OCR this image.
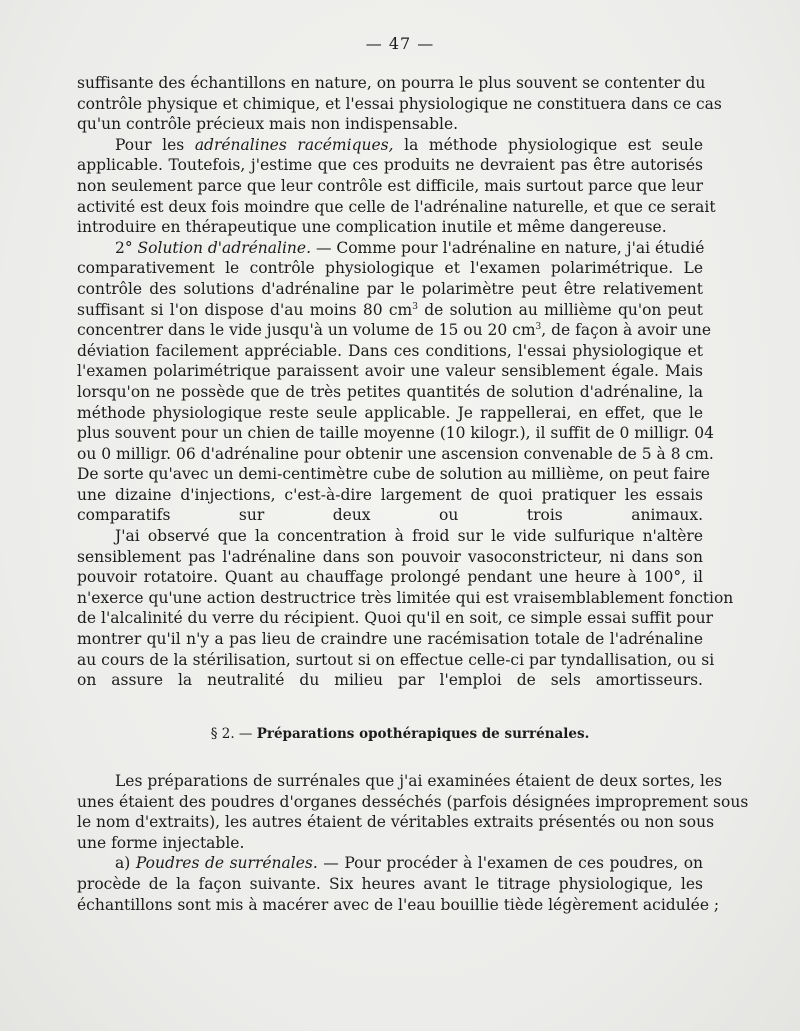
— 47 —

suffisante des échantillons en nature, on pourra le plus souvent se contenter du
contrôle physique et chimique, et l'essai physiologique ne constituera dans ce cas
qu'un contrôle précieux mais non indispensable.

Pour les adrénalines racémiques, la méthode physiologique est seule
applicable. Toutefois, j'estime que ces produits ne devraient pas être autorisés
non seulement parce que leur contrôle est difficile, mais surtout parce que leur
activité est deux fois moindre que celle de l'adrénaline naturelle, et que ce serait
introduire en thérapeutique une complication inutile et même dangereuse.

2° Solution d'adrénaline. — Comme pour l'adrénaline en nature, j'ai étudié
comparativement le contrôle physiologique et l'examen polarimétrique. Le
contrôle des solutions d'adrénaline par le polarimètre peut être relativement
suffisant si l'on dispose d'au moins 80 $cm^3$ de solution au millième qu'on peut
concentrer dans le vide jusqu'à un volume de 15 ou 20 $cm^3$, de façon à avoir une
déviation facilement appréciable. Dans ces conditions, l'essai physiologique et
l'examen polarimétrique paraissent avoir une valeur sensiblement égale. Mais
lorsqu'on ne possède que de très petites quantités de solution d'adrénaline, la
méthode physiologique reste seule applicable. Je rappellerai, en effet, que le
plus souvent pour un chien de taille moyenne (10 kilogr.), il suffit de 0 milligr. 04
ou 0 milligr. 06 d'adrénaline pour obtenir une ascension convenable de 5 à 8 cm.
De sorte qu'avec un demi-centimètre cube de solution au millième, on peut faire
une dizaine d'injections, c'est-à-dire largement de quoi pratiquer les essais
comparatifs sur deux ou trois animaux.

J'ai observé que la concentration à froid sur le vide sulfurique n'altère
sensiblement pas l'adrénaline dans son pouvoir vasoconstricteur, ni dans son
pouvoir rotatoire. Quant au chauffage prolongé pendant une heure à 100°, il
n'exerce qu'une action destructrice très limitée qui est vraisemblablement fonction
de l'alcalinité du verre du récipient. Quoi qu'il en soit, ce simple essai suffit pour
montrer qu'il n'y a pas lieu de craindre une racémisation totale de l'adrénaline
au cours de la stérilisation, surtout si on effectue celle-ci par tyndallisation, ou si
on assure la neutralité du milieu par l'emploi de sels amortisseurs.

§ 2. — Préparations opothérapiques de surrénales.

Les préparations de surrénales que j'ai examinées étaient de deux sortes, les
unes étaient des poudres d'organes desséchés (parfois désignées improprement sous
le nom d'extraits), les autres étaient de véritables extraits présentés ou non sous
une forme injectable.

a) Poudres de surrénales. — Pour procéder à l'examen de ces poudres, on
procède de la façon suivante. Six heures avant le titrage physiologique, les
échantillons sont mis à macérer avec de l'eau bouillie tiède légèrement acidulée ;
